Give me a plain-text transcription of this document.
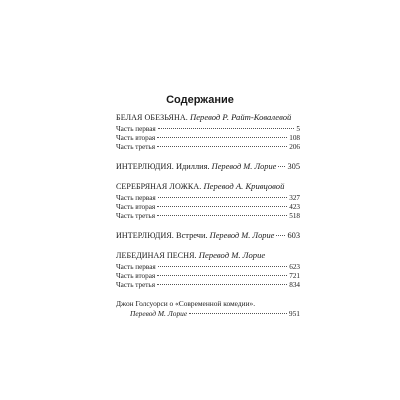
Содержание
БЕЛАЯ ОБЕЗЬЯНА. Перевод Р. Райт-Ковалевой
Часть первая	5
Часть вторая	108
Часть третья	206
ИНТЕРЛЮДИЯ. Идиллия. Перевод М. Лорие 305
СЕРЕБРЯНАЯ ЛОЖКА. Перевод А. Кривцовой
Часть первая	327
Часть вторая	423
Часть третья	518
ИНТЕРЛЮДИЯ. Встречи. Перевод М. Лорие 603
ЛЕБЕДИНАЯ ПЕСНЯ. Перевод М. Лорие
Часть первая	623
Часть вторая	721
Часть третья	834
Джон Голсуорси о «Современной комедии».
Перевод М. Лорие	951
